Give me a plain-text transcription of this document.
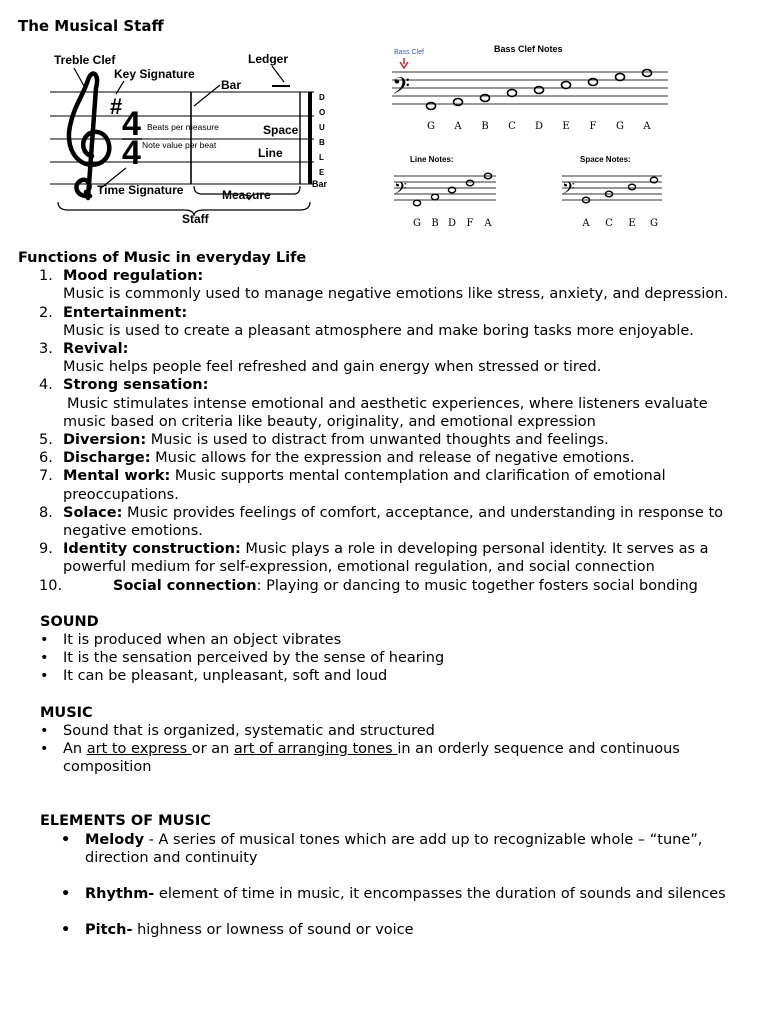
The Musical Staff
# 4
4
Treble Clef
Key Signature
Ledger
Bar
Beats per measure
Note value per beat
Space
Line
Time Signature	Measure
Staff
D
O
U
B
L
E
Bar
Bass Clef	Bass Clef Notes
𝄢
G A B C D E F G A
Line Notes:
𝄢
G B D F A
Space Notes:
𝄢
A C E G
Functions of Music in everyday Life
1. Mood regulation:
Music is commonly used to manage negative emotions like stress, anxiety, and depression.
2. Entertainment:
Music is used to create a pleasant atmosphere and make boring tasks more enjoyable.
3. Revival:
Music helps people feel refreshed and gain energy when stressed or tired.
4. Strong sensation:
Music stimulates intense emotional and aesthetic experiences, where listeners evaluate music based on criteria like beauty, originality, and emotional expression
5. Diversion: Music is used to distract from unwanted thoughts and feelings.
6. Discharge: Music allows for the expression and release of negative emotions.
7. Mental work: Music supports mental contemplation and clarification of emotional preoccupations.
8. Solace: Music provides feelings of comfort, acceptance, and understanding in response to negative emotions.
9. Identity construction: Music plays a role in developing personal identity. It serves as a powerful medium for self-expression, emotional regulation, and social connection
10.	Social connection: Playing or dancing to music together fosters social bonding
SOUND
• It is produced when an object vibrates
• It is the sensation perceived by the sense of hearing
• It can be pleasant, unpleasant, soft and loud
MUSIC
• Sound that is organized, systematic and structured
• An art to express or an art of arranging tones in an orderly sequence and continuous composition
ELEMENTS OF MUSIC
• Melody - A series of musical tones which are add up to recognizable whole – “tune”, direction and continuity
• Rhythm- element of time in music, it encompasses the duration of sounds and silences
• Pitch- highness or lowness of sound or voice
